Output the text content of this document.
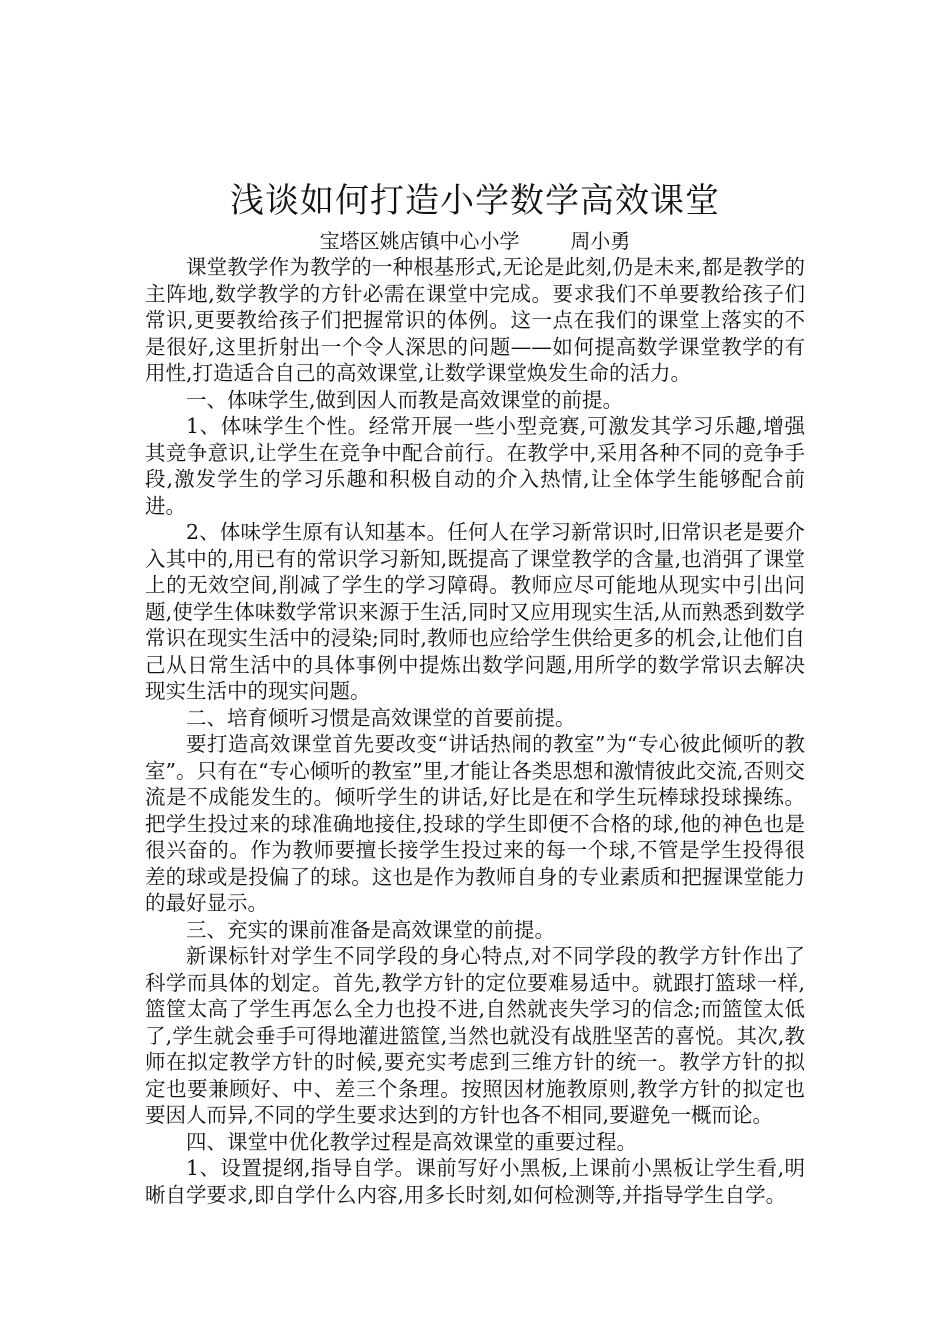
浅谈如何打造小学数学高效课堂

宝塔区姚店镇中心小学        周小勇

课堂教学作为教学的一种根基形式,无论是此刻,仍是未来,都是教学的主阵地,数学教学的方针必需在课堂中完成。要求我们不单要教给孩子们常识,更要教给孩子们把握常识的体例。这一点在我们的课堂上落实的不是很好,这里折射出一个令人深思的问题——如何提高数学课堂教学的有用性,打造适合自己的高效课堂,让数学课堂焕发生命的活力。

一、体味学生,做到因人而教是高效课堂的前提。

1、体味学生个性。经常开展一些小型竞赛,可激发其学习乐趣,增强其竞争意识,让学生在竞争中配合前行。在教学中,采用各种不同的竞争手段,激发学生的学习乐趣和积极自动的介入热情,让全体学生能够配合前进。

2、体味学生原有认知基本。任何人在学习新常识时,旧常识老是要介入其中的,用已有的常识学习新知,既提高了课堂教学的含量,也消弭了课堂上的无效空间,削减了学生的学习障碍。教师应尽可能地从现实中引出问题,使学生体味数学常识来源于生活,同时又应用现实生活,从而熟悉到数学常识在现实生活中的浸染;同时,教师也应给学生供给更多的机会,让他们自己从日常生活中的具体事例中提炼出数学问题,用所学的数学常识去解决现实生活中的现实问题。

二、培育倾听习惯是高效课堂的首要前提。

要打造高效课堂首先要改变“讲话热闹的教室”为“专心彼此倾听的教室”。只有在“专心倾听的教室”里,才能让各类思想和激情彼此交流,否则交流是不成能发生的。倾听学生的讲话,好比是在和学生玩棒球投球操练。把学生投过来的球准确地接住,投球的学生即便不合格的球,他的神色也是很兴奋的。作为教师要擅长接学生投过来的每一个球,不管是学生投得很差的球或是投偏了的球。这也是作为教师自身的专业素质和把握课堂能力的最好显示。

三、充实的课前准备是高效课堂的前提。

新课标针对学生不同学段的身心特点,对不同学段的教学方针作出了科学而具体的划定。首先,教学方针的定位要难易适中。就跟打篮球一样,篮筐太高了学生再怎么全力也投不进,自然就丧失学习的信念;而篮筐太低了,学生就会垂手可得地灌进篮筐,当然也就没有战胜坚苦的喜悦。其次,教师在拟定教学方针的时候,要充实考虑到三维方针的统一。教学方针的拟定也要兼顾好、中、差三个条理。按照因材施教原则,教学方针的拟定也要因人而异,不同的学生要求达到的方针也各不相同,要避免一概而论。

四、课堂中优化教学过程是高效课堂的重要过程。

1、设置提纲,指导自学。课前写好小黑板,上课前小黑板让学生看,明晰自学要求,即自学什么内容,用多长时刻,如何检测等,并指导学生自学。
